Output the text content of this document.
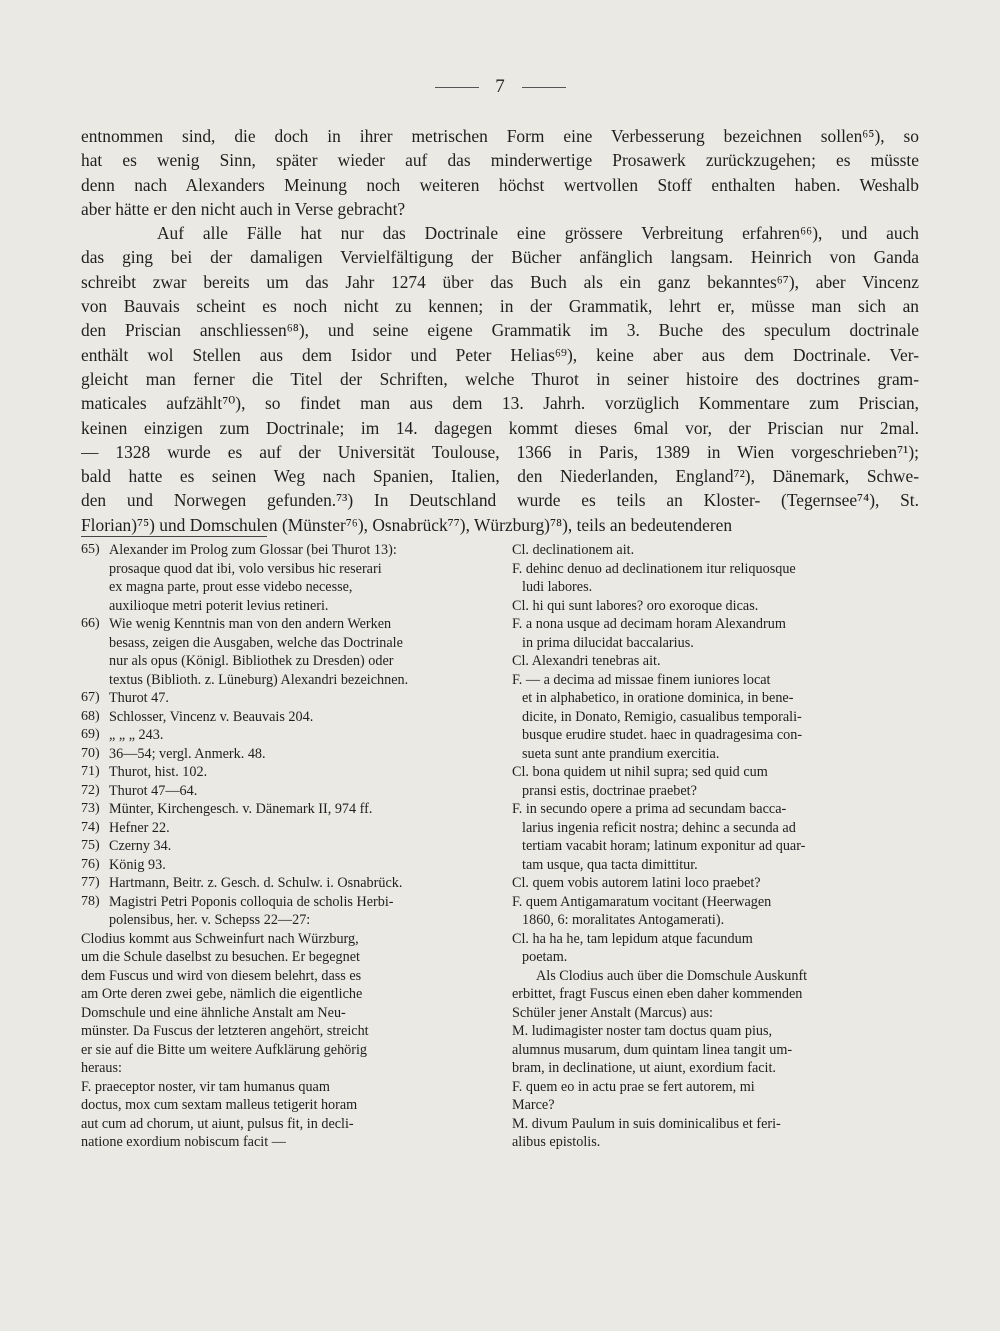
7
entnommen sind, die doch in ihrer metrischen Form eine Verbesserung bezeichnen sollen⁶⁵), so
hat es wenig Sinn, später wieder auf das minderwertige Prosawerk zurückzugehen; es müsste
denn nach Alexanders Meinung noch weiteren höchst wertvollen Stoff enthalten haben. Weshalb
aber hätte er den nicht auch in Verse gebracht?
Auf alle Fälle hat nur das Doctrinale eine grössere Verbreitung erfahren⁶⁶), und auch
das ging bei der damaligen Vervielfältigung der Bücher anfänglich langsam. Heinrich von Ganda
schreibt zwar bereits um das Jahr 1274 über das Buch als ein ganz bekanntes⁶⁷), aber Vincenz
von Bauvais scheint es noch nicht zu kennen; in der Grammatik, lehrt er, müsse man sich an
den Priscian anschliessen⁶⁸), und seine eigene Grammatik im 3. Buche des speculum doctrinale
enthält wol Stellen aus dem Isidor und Peter Helias⁶⁹), keine aber aus dem Doctrinale. Ver-
gleicht man ferner die Titel der Schriften, welche Thurot in seiner histoire des doctrines gram-
maticales aufzählt⁷⁰), so findet man aus dem 13. Jahrh. vorzüglich Kommentare zum Priscian,
keinen einzigen zum Doctrinale; im 14. dagegen kommt dieses 6mal vor, der Priscian nur 2mal.
— 1328 wurde es auf der Universität Toulouse, 1366 in Paris, 1389 in Wien vorgeschrieben⁷¹);
bald hatte es seinen Weg nach Spanien, Italien, den Niederlanden, England⁷²), Dänemark, Schwe-
den und Norwegen gefunden.⁷³) In Deutschland wurde es teils an Kloster- (Tegernsee⁷⁴), St.
Florian)⁷⁵) und Domschulen (Münster⁷⁶), Osnabrück⁷⁷), Würzburg)⁷⁸), teils an bedeutenderen
65) Alexander im Prolog zum Glossar (bei Thurot 13):
prosaque quod dat ibi, volo versibus hic reserari
ex magna parte, prout esse videbo necesse,
auxilioque metri poterit levius retineri.
66) Wie wenig Kenntnis man von den andern Werken
besass, zeigen die Ausgaben, welche das Doctrinale
nur als opus (Königl. Bibliothek zu Dresden) oder
textus (Biblioth. z. Lüneburg) Alexandri bezeichnen.
67) Thurot 47.
68) Schlosser, Vincenz v. Beauvais 204.
69) „ „ „ 243.
70) 36—54; vergl. Anmerk. 48.
71) Thurot, hist. 102.
72) Thurot 47—64.
73) Münter, Kirchengesch. v. Dänemark II, 974 ff.
74) Hefner 22.
75) Czerny 34.
76) König 93.
77) Hartmann, Beitr. z. Gesch. d. Schulw. i. Osnabrück.
78) Magistri Petri Poponis colloquia de scholis Herbi-
polensibus, her. v. Schepss 22—27:
Clodius kommt aus Schweinfurt nach Würzburg,
um die Schule daselbst zu besuchen. Er begegnet
dem Fuscus und wird von diesem belehrt, dass es
am Orte deren zwei gebe, nämlich die eigentliche
Domschule und eine ähnliche Anstalt am Neu-
münster. Da Fuscus der letzteren angehört, streicht
er sie auf die Bitte um weitere Aufklärung gehörig
heraus:
F. praeceptor noster, vir tam humanus quam
doctus, mox cum sextam malleus tetigerit horam
aut cum ad chorum, ut aiunt, pulsus fit, in decli-
natione exordium nobiscum facit —
Cl. declinationem ait.
F. dehinc denuo ad declinationem itur reliquosque
ludi labores.
Cl. hi qui sunt labores? oro exoroque dicas.
F. a nona usque ad decimam horam Alexandrum
in prima dilucidat baccalarius.
Cl. Alexandri tenebras ait.
F. — a decima ad missae finem iuniores locat
et in alphabetico, in oratione dominica, in bene-
dicite, in Donato, Remigio, casualibus temporali-
busque erudire studet. haec in quadragesima con-
sueta sunt ante prandium exercitia.
Cl. bona quidem ut nihil supra; sed quid cum
pransi estis, doctrinae praebet?
F. in secundo opere a prima ad secundam bacca-
larius ingenia reficit nostra; dehinc a secunda ad
tertiam vacabit horam; latinum exponitur ad quar-
tam usque, qua tacta dimittitur.
Cl. quem vobis autorem latini loco praebet?
F. quem Antigamaratum vocitant (Heerwagen
1860, 6: moralitates Antogamerati).
Cl. ha ha he, tam lepidum atque facundum
poetam.
Als Clodius auch über die Domschule Auskunft
erbittet, fragt Fuscus einen eben daher kommenden
Schüler jener Anstalt (Marcus) aus:
M. ludimagister noster tam doctus quam pius,
alumnus musarum, dum quintam linea tangit um-
bram, in declinatione, ut aiunt, exordium facit.
F. quem eo in actu prae se fert autorem, mi
Marce?
M. divum Paulum in suis dominicalibus et feri-
alibus epistolis.
